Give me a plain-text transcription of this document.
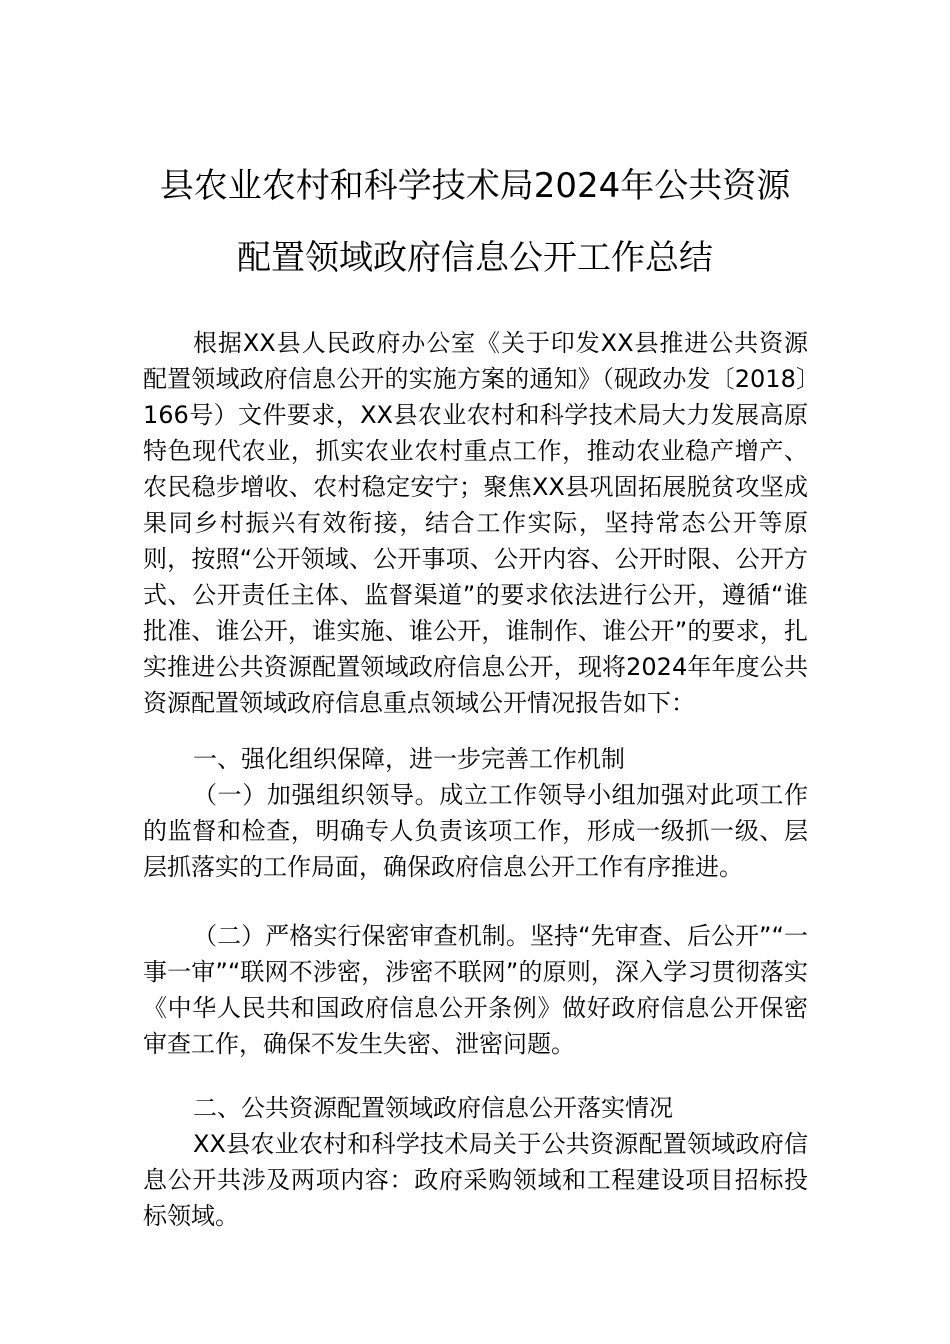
县农业农村和科学技术局2024年公共资源
配置领域政府信息公开工作总结
根据XX县人民政府办公室《关于印发XX县推进公共资源配置领域政府信息公开的实施方案的通知》（砚政办发〔2018〕166号）文件要求，XX县农业农村和科学技术局大力发展高原特色现代农业，抓实农业农村重点工作，推动农业稳产增产、农民稳步增收、农村稳定安宁；聚焦XX县巩固拓展脱贫攻坚成果同乡村振兴有效衔接，结合工作实际，坚持常态公开等原则，按照“公开领域、公开事项、公开内容、公开时限、公开方式、公开责任主体、监督渠道”的要求依法进行公开，遵循“谁批准、谁公开，谁实施、谁公开，谁制作、谁公开”的要求，扎实推进公共资源配置领域政府信息公开，现将2024年年度公共资源配置领域政府信息重点领域公开情况报告如下：
一、强化组织保障，进一步完善工作机制
（一）加强组织领导。成立工作领导小组加强对此项工作的监督和检查，明确专人负责该项工作，形成一级抓一级、层层抓落实的工作局面，确保政府信息公开工作有序推进。
（二）严格实行保密审查机制。坚持“先审查、后公开”“一事一审”“联网不涉密，涉密不联网”的原则，深入学习贯彻落实《中华人民共和国政府信息公开条例》做好政府信息公开保密审查工作，确保不发生失密、泄密问题。
二、公共资源配置领域政府信息公开落实情况
XX县农业农村和科学技术局关于公共资源配置领域政府信息公开共涉及两项内容：政府采购领域和工程建设项目招标投标领域。
